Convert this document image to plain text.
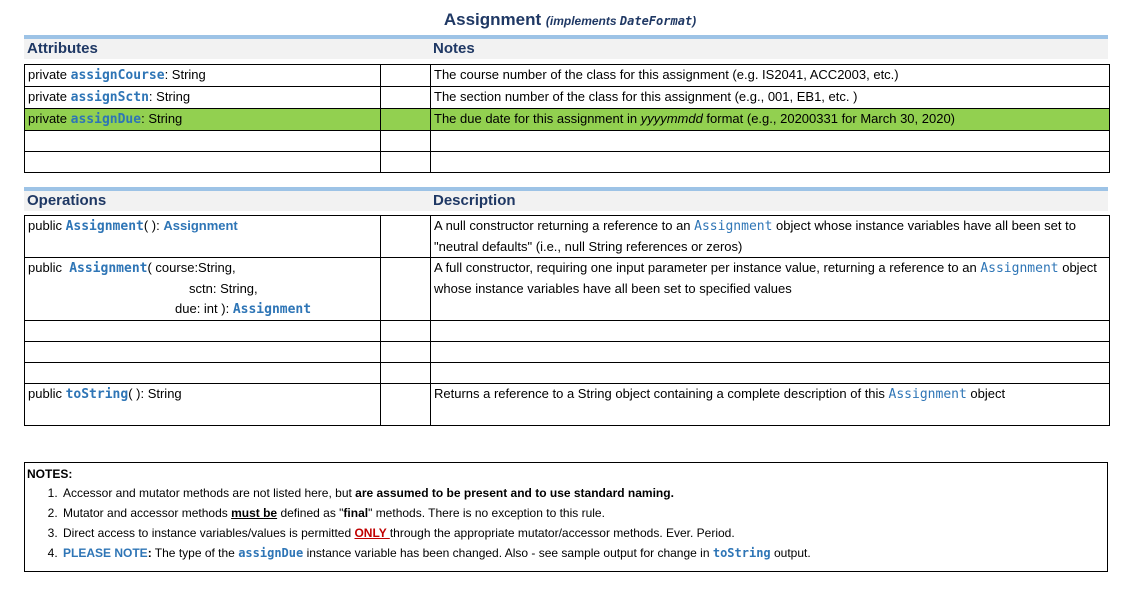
Assignment (implements DateFormat)
Attributes	Notes
private assignCourse: String		The course number of the class for this assignment (e.g. IS2041, ACC2003, etc.)
private assignSctn: String		The section number of the class for this assignment (e.g., 001, EB1, etc. )
private assignDue: String		The due date for this assignment in yyyymmdd format (e.g., 20200331 for March 30, 2020)

Operations	Description
public Assignment( ): Assignment		A null constructor returning a reference to an Assignment object whose instance variables have all been set to "neutral defaults" (i.e., null String references or zeros)

public  Assignment( course:String,
sctn: String,
due: int ): Assignment		A full constructor, requiring one input parameter per instance value, returning a reference to an Assignment object whose instance variables have all been set to specified values

public toString( ): String		Returns a reference to a String object containing a complete description of this Assignment object
NOTES:
1. Accessor and mutator methods are not listed here, but are assumed to be present and to use standard naming.
2. Mutator and accessor methods must be defined as "final" methods. There is no exception to this rule.
3. Direct access to instance variables/values is permitted ONLY through the appropriate mutator/accessor methods. Ever. Period.
4. PLEASE NOTE: The type of the assignDue instance variable has been changed. Also - see sample output for change in toString output.
